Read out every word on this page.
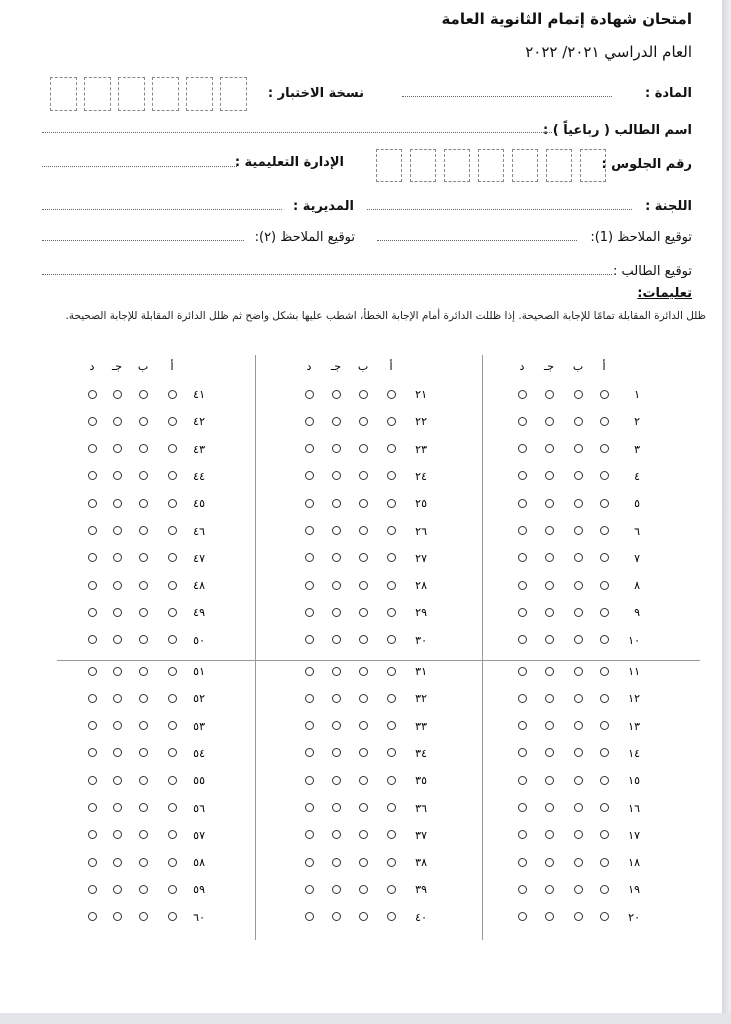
امتحان شهادة إتمام الثانوية العامة
العام الدراسي ٢٠٢١/ ٢٠٢٢
المادة :
نسخة الاختبار :
اسم الطالب ( رباعياً ) :
رقم الجلوس :
الإدارة التعليمية :
اللجنة :
المديرية :
توقيع الملاحظ (1):
توقيع الملاحظ (٢):
توقيع الطالب :
تعليمات:
ظلل الدائرة المقابلة تمامًا للإجابة الصحيحة. إذا ظللت الدائرة أمام الإجابة الخطأ، اشطب عليها بشكل واضح ثم ظلل الدائرة المقابلة للإجابة الصحيحة.
أ
ب
جـ
د
١
٢
٣
٤
٥
٦
٧
٨
٩
١٠
١١
١٢
١٣
١٤
١٥
١٦
١٧
١٨
١٩
٢٠
أ
ب
جـ
د
٢١
٢٢
٢٣
٢٤
٢٥
٢٦
٢٧
٢٨
٢٩
٣٠
٣١
٣٢
٣٣
٣٤
٣٥
٣٦
٣٧
٣٨
٣٩
٤٠
أ
ب
جـ
د
٤١
٤٢
٤٣
٤٤
٤٥
٤٦
٤٧
٤٨
٤٩
٥٠
٥١
٥٢
٥٣
٥٤
٥٥
٥٦
٥٧
٥٨
٥٩
٦٠
